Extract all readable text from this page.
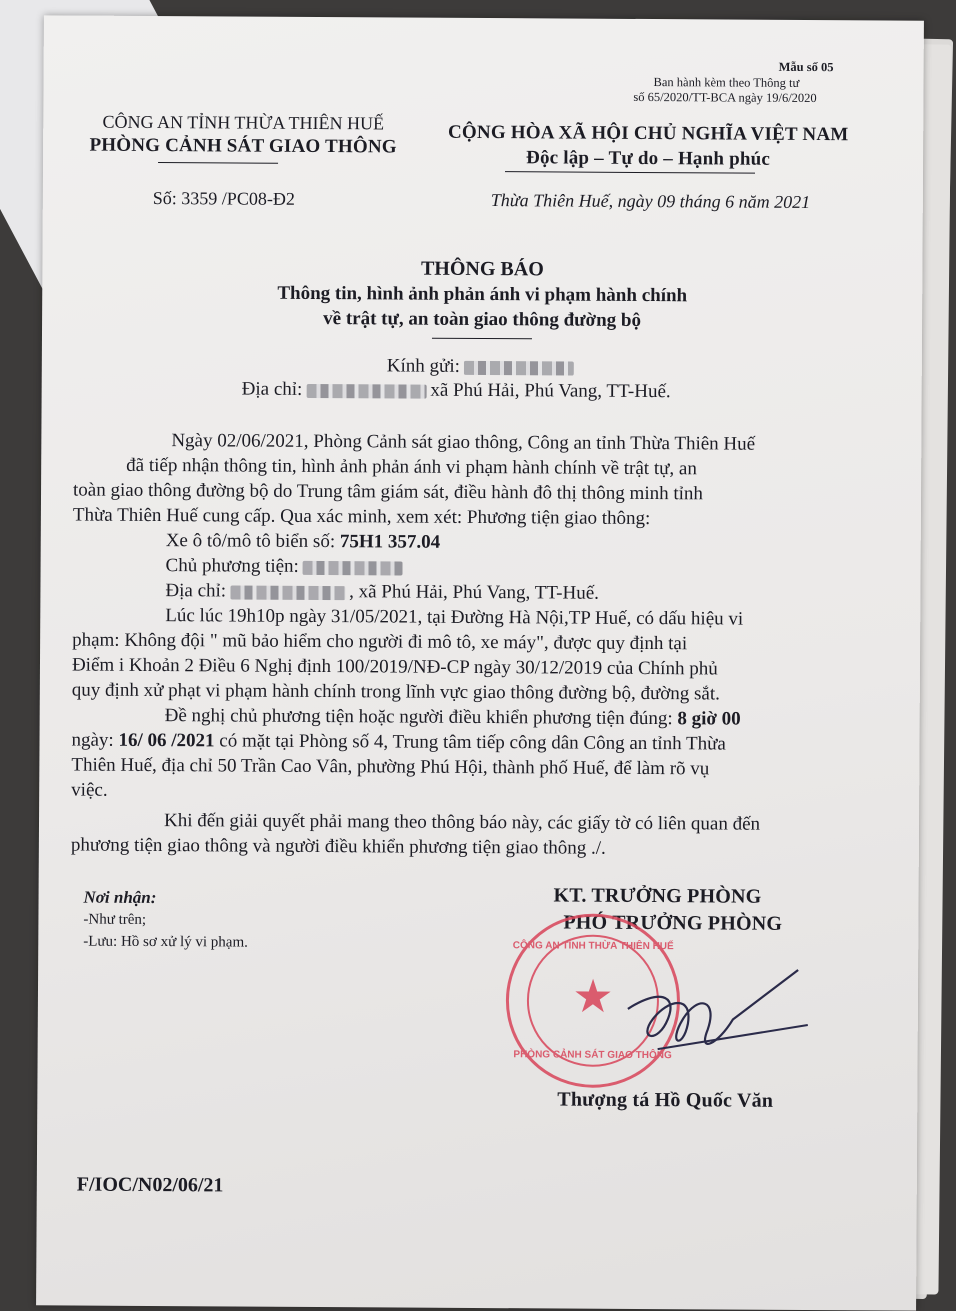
Mẫu số 05
Ban hành kèm theo Thông tư
số 65/2020/TT-BCA ngày 19/6/2020
CÔNG AN TỈNH THỪA THIÊN HUẾ
PHÒNG CẢNH SÁT GIAO THÔNG
Số: 3359 /PC08-Đ2
CỘNG HÒA XÃ HỘI CHỦ NGHĨA VIỆT NAM
Độc lập – Tự do – Hạnh phúc
Thừa Thiên Huế, ngày 09 tháng 6 năm 2021
THÔNG BÁO
Thông tin, hình ảnh phản ánh vi phạm hành chính
về trật tự, an toàn giao thông đường bộ
Kính gửi:
Địa chỉ:	xã Phú Hải, Phú Vang, TT-Huế.
Ngày 02/06/2021, Phòng Cảnh sát giao thông, Công an tỉnh Thừa Thiên Huế
đã tiếp nhận thông tin, hình ảnh phản ánh vi phạm hành chính về trật tự, an
toàn giao thông đường bộ do Trung tâm giám sát, điều hành đô thị thông minh tỉnh
Thừa Thiên Huế cung cấp. Qua xác minh, xem xét: Phương tiện giao thông:
Xe ô tô/mô tô biển số: 75H1 357.04
Chủ phương tiện:
Địa chỉ:	, xã Phú Hải, Phú Vang, TT-Huế.
Lúc lúc 19h10p ngày 31/05/2021, tại Đường Hà Nội,TP Huế, có dấu hiệu vi
phạm: Không đội " mũ bảo hiểm cho người đi mô tô, xe máy", được quy định tại
Điểm i Khoản 2 Điều 6 Nghị định 100/2019/NĐ-CP ngày 30/12/2019 của Chính phủ
quy định xử phạt vi phạm hành chính trong lĩnh vực giao thông đường bộ, đường sắt.
Đề nghị chủ phương tiện hoặc người điều khiển phương tiện đúng: 8 giờ 00
ngày: 16/ 06 /2021 có mặt tại Phòng số 4, Trung tâm tiếp công dân Công an tỉnh Thừa
Thiên Huế, địa chỉ 50 Trần Cao Vân, phường Phú Hội, thành phố Huế, để làm rõ vụ
việc.
Khi đến giải quyết phải mang theo thông báo này, các giấy tờ có liên quan đến
phương tiện giao thông và người điều khiển phương tiện giao thông ./.
Nơi nhận:
-Như trên;
-Lưu: Hồ sơ xử lý vi phạm.
KT. TRƯỞNG PHÒNG
PHÓ TRƯỞNG PHÒNG
CÔNG AN TỈNH THỪA THIÊN HUẾ
★
PHÒNG CẢNH SÁT GIAO THÔNG
Thượng tá Hồ Quốc Văn
F/IOC/N02/06/21
